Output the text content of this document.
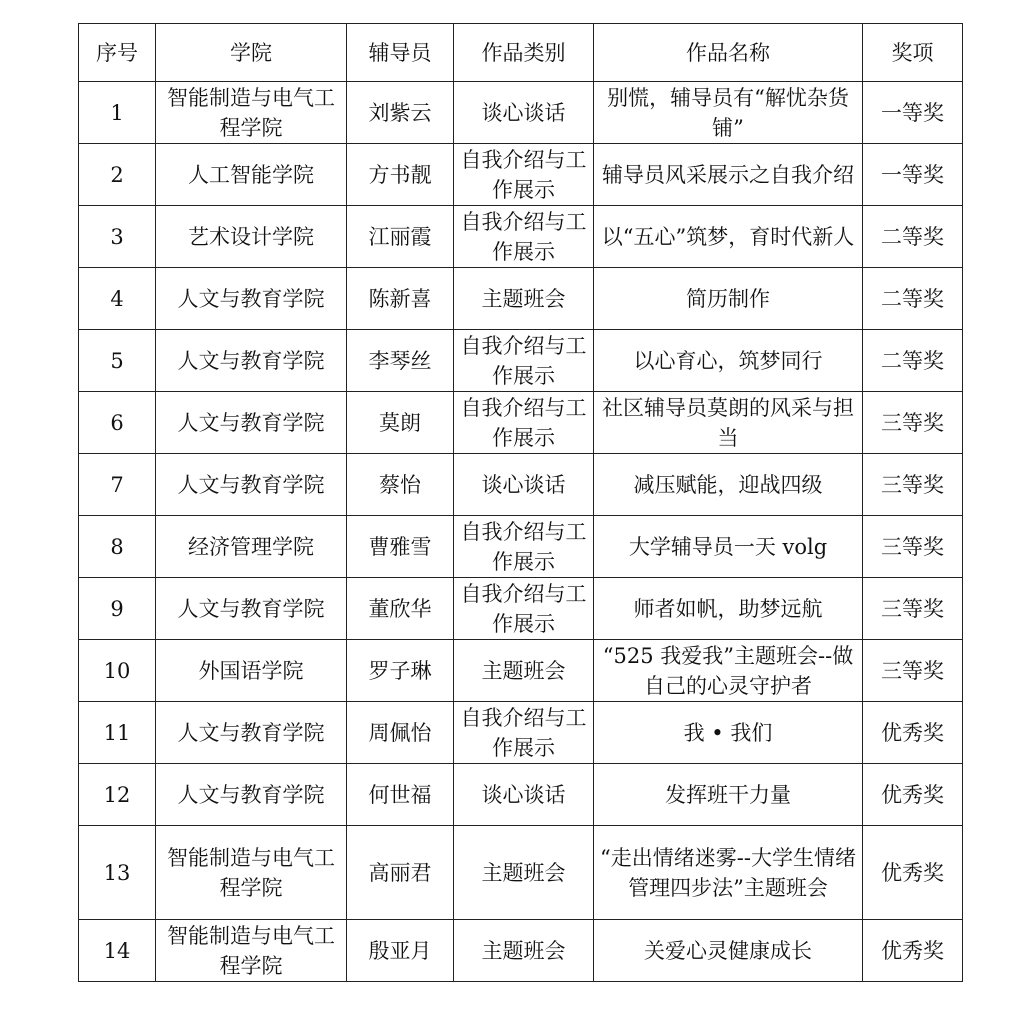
序号	学院	辅导员	作品类别	作品名称	奖项
1	智能制造与电气工程学院	刘紫云	谈心谈话	别慌，辅导员有“解忧杂货铺”	一等奖
2	人工智能学院	方书靓	自我介绍与工作展示	辅导员风采展示之自我介绍	一等奖
3	艺术设计学院	江丽霞	自我介绍与工作展示	以“五心”筑梦，育时代新人	二等奖
4	人文与教育学院	陈新喜	主题班会	简历制作	二等奖
5	人文与教育学院	李琴丝	自我介绍与工作展示	以心育心，筑梦同行	二等奖
6	人文与教育学院	莫朗	自我介绍与工作展示	社区辅导员莫朗的风采与担当	三等奖
7	人文与教育学院	蔡怡	谈心谈话	减压赋能，迎战四级	三等奖
8	经济管理学院	曹雅雪	自我介绍与工作展示	大学辅导员一天 volg	三等奖
9	人文与教育学院	董欣华	自我介绍与工作展示	师者如帆，助梦远航	三等奖
10	外国语学院	罗子琳	主题班会	“525 我爱我”主题班会--做自己的心灵守护者	三等奖
11	人文与教育学院	周佩怡	自我介绍与工作展示	我 • 我们	优秀奖
12	人文与教育学院	何世福	谈心谈话	发挥班干力量	优秀奖
13	智能制造与电气工程学院	高丽君	主题班会	“走出情绪迷雾--大学生情绪管理四步法”主题班会	优秀奖
14	智能制造与电气工程学院	殷亚月	主题班会	关爱心灵健康成长	优秀奖
